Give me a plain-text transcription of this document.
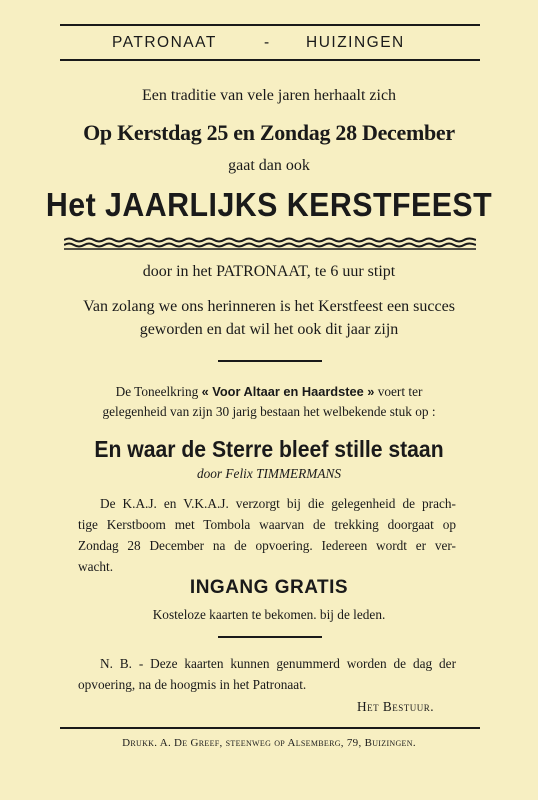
PATRONAAT	- HUIZINGEN
Een traditie van vele jaren herhaalt zich
Op Kerstdag 25 en Zondag 28 December
gaat dan ook
Het JAARLIJKS KERSTFEEST
door in het PATRONAAT, te 6 uur stipt
Van zolang we ons herinneren is het Kerstfeest een succes
geworden en dat wil het ook dit jaar zijn
De Toneelkring « Voor Altaar en Haardstee » voert ter
gelegenheid van zijn 30 jarig bestaan het welbekende stuk op :
En waar de Sterre bleef stille staan
door Felix TIMMERMANS
De K.A.J. en V.K.A.J. verzorgt bij die gelegenheid de prach-
tige Kerstboom met Tombola waarvan de trekking doorgaat op
Zondag 28 December na de opvoering. Iedereen wordt er ver-
wacht.
INGANG GRATIS
Kosteloze kaarten te bekomen. bij de leden.
N. B. - Deze kaarten kunnen genummerd worden de dag der
opvoering, na de hoogmis in het Patronaat.
Het Bestuur.
Drukk. A. De Greef, steenweg op Alsemberg, 79, Buizingen.
